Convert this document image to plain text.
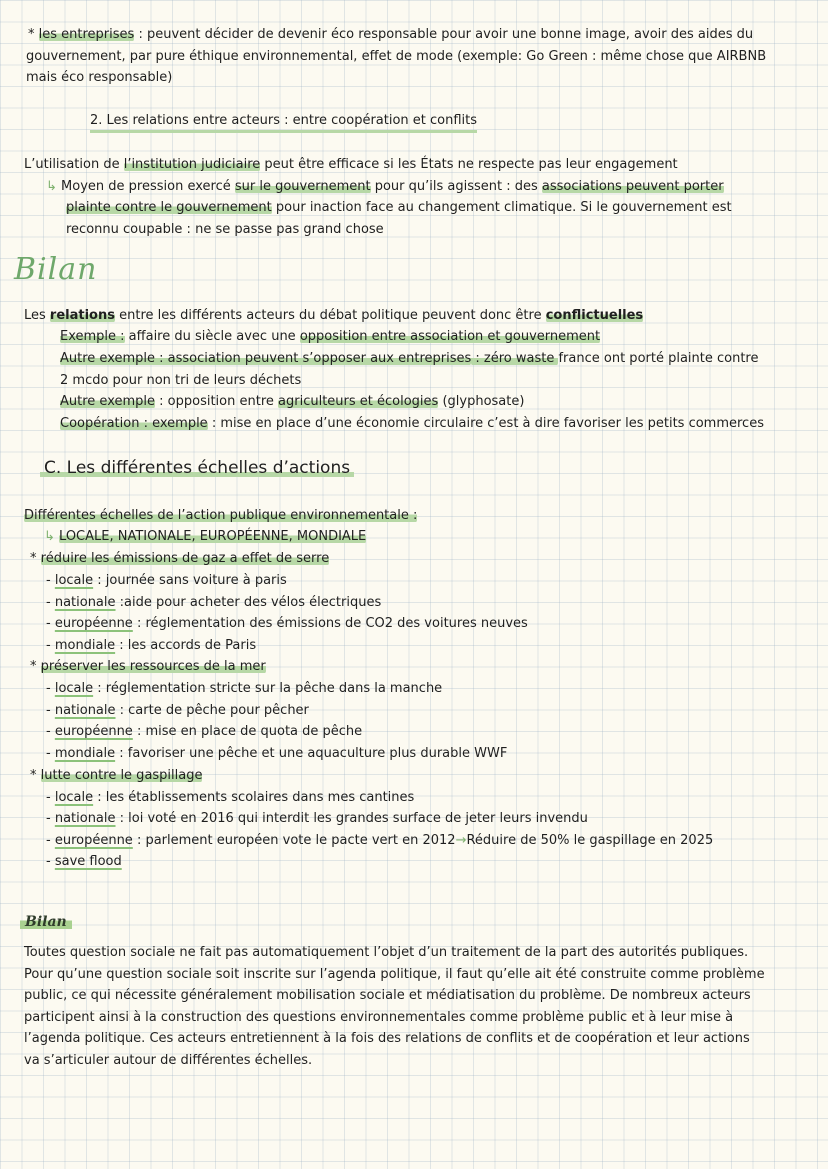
* les entreprises : peuvent décider de devenir éco responsable pour avoir une bonne image, avoir des aides du
gouvernement, par pure éthique environnemental, effet de mode (exemple: Go Green : même chose que AIRBNB
mais éco responsable)
2. Les relations entre acteurs : entre coopération et conflits
L’utilisation de l’institution judiciaire peut être efficace si les États ne respecte pas leur engagement
↳ Moyen de pression exercé sur le gouvernement pour qu’ils agissent : des associations peuvent porter
plainte contre le gouvernement pour inaction face au changement climatique. Si le gouvernement est
reconnu coupable : ne se passe pas grand chose
Bilan
Les relations entre les différents acteurs du débat politique peuvent donc être conflictuelles
Exemple : affaire du siècle avec une opposition entre association et gouvernement
Autre exemple : association peuvent s’opposer aux entreprises : zéro waste france ont porté plainte contre
2 mcdo pour non tri de leurs déchets
Autre exemple : opposition entre agriculteurs et écologies (glyphosate)
Coopération : exemple : mise en place d’une économie circulaire c’est à dire favoriser les petits commerces
C. Les différentes échelles d’actions
Différentes échelles de l’action publique environnementale :
↳ LOCALE, NATIONALE, EUROPÉENNE, MONDIALE
* réduire les émissions de gaz a effet de serre
- locale : journée sans voiture à paris
- nationale :aide pour acheter des vélos électriques
- européenne : réglementation des émissions de CO2 des voitures neuves
- mondiale : les accords de Paris
* préserver les ressources de la mer
- locale : réglementation stricte sur la pêche dans la manche
- nationale : carte de pêche pour pêcher
- européenne : mise en place de quota de pêche
- mondiale : favoriser une pêche et une aquaculture plus durable WWF
* lutte contre le gaspillage
- locale : les établissements scolaires dans mes cantines
- nationale : loi voté en 2016 qui interdit les grandes surface de jeter leurs invendu
- européenne : parlement européen vote le pacte vert en 2012→Réduire de 50% le gaspillage en 2025
- save flood
Bilan
Toutes question sociale ne fait pas automatiquement l’objet d’un traitement de la part des autorités publiques.
Pour qu’une question sociale soit inscrite sur l’agenda politique, il faut qu’elle ait été construite comme problème
public, ce qui nécessite généralement mobilisation sociale et médiatisation du problème. De nombreux acteurs
participent ainsi à la construction des questions environnementales comme problème public et à leur mise à
l’agenda politique. Ces acteurs entretiennent à la fois des relations de conflits et de coopération et leur actions
va s’articuler autour de différentes échelles.
